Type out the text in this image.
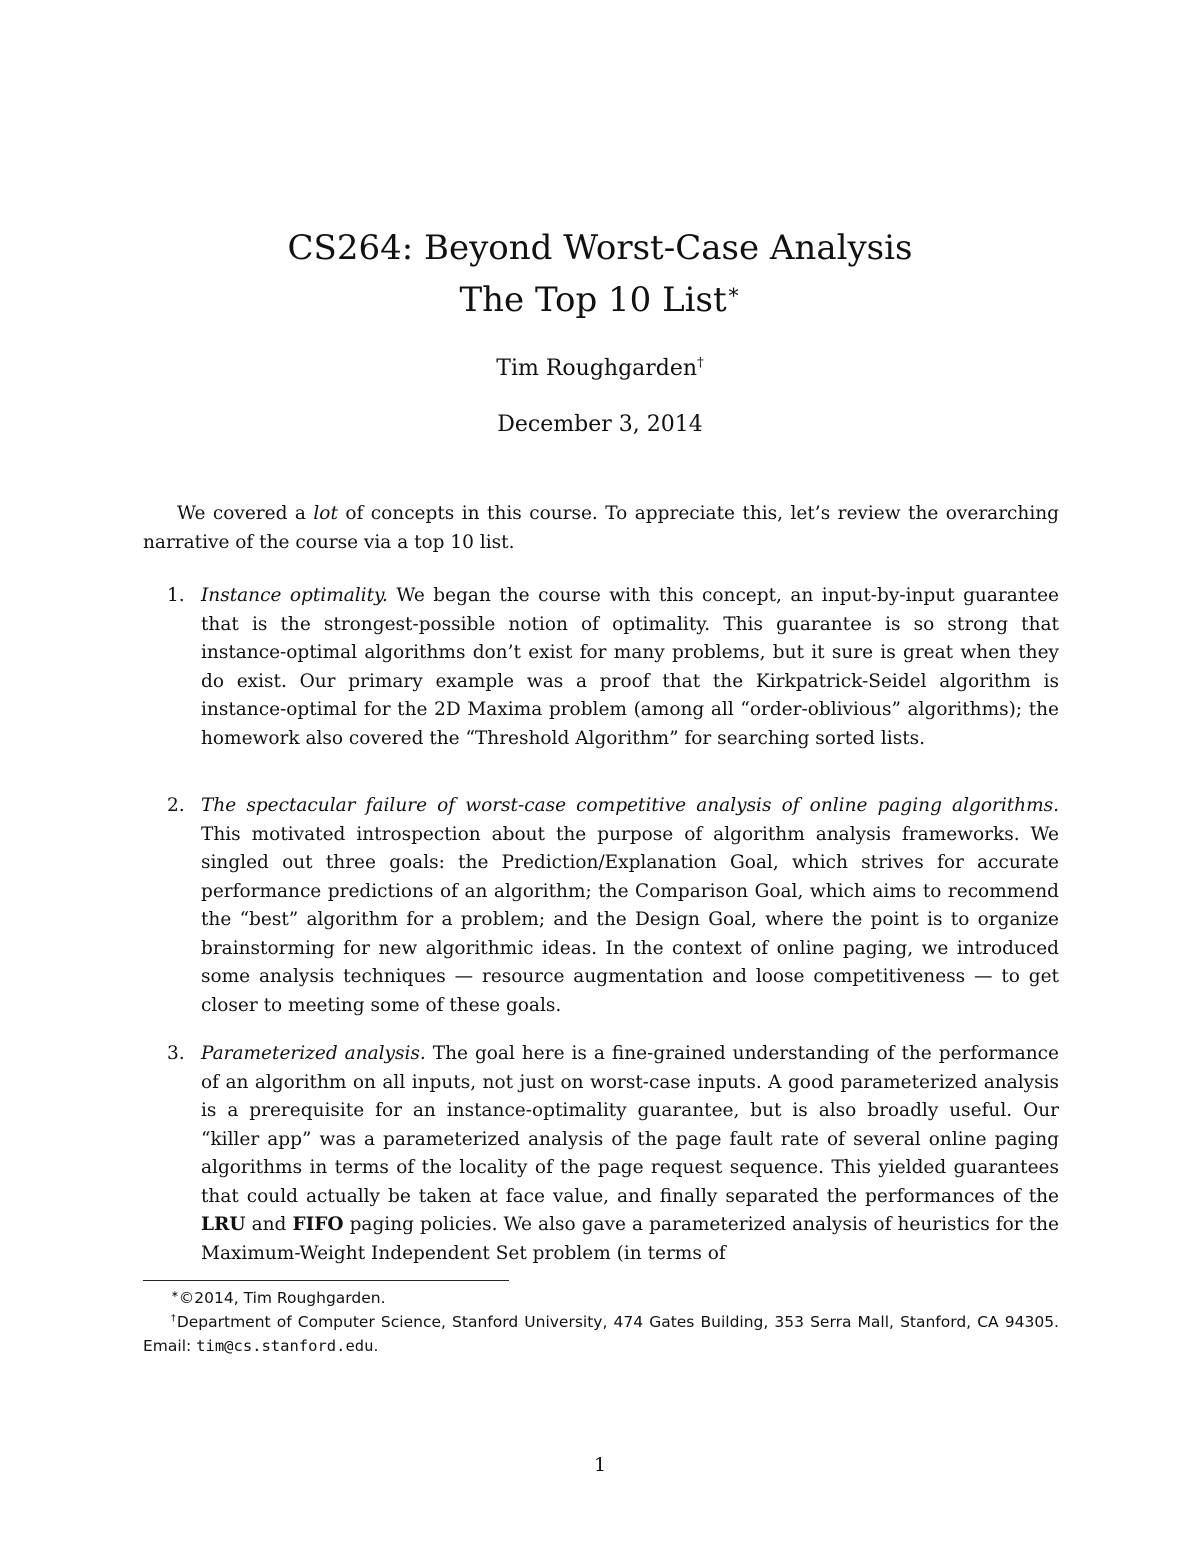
CS264: Beyond Worst-Case Analysis
The Top 10 List∗
Tim Roughgarden†
December 3, 2014
We covered a lot of concepts in this course. To appreciate this, let’s review the overarching narrative of the course via a top 10 list.
1. Instance optimality. We began the course with this concept, an input-by-input guarantee that is the strongest-possible notion of optimality. This guarantee is so strong that instance-optimal algorithms don’t exist for many problems, but it sure is great when they do exist. Our primary example was a proof that the Kirkpatrick-Seidel algorithm is instance-optimal for the 2D Maxima problem (among all “order-oblivious” algorithms); the homework also covered the “Threshold Algorithm” for searching sorted lists.

2. The spectacular failure of worst-case competitive analysis of online paging algorithms. This motivated introspection about the purpose of algorithm analysis frameworks. We singled out three goals: the Prediction/Explanation Goal, which strives for accurate performance predictions of an algorithm; the Comparison Goal, which aims to recommend the “best” algorithm for a problem; and the Design Goal, where the point is to organize brainstorming for new algorithmic ideas. In the context of online paging, we introduced some analysis techniques — resource augmentation and loose competitiveness — to get closer to meeting some of these goals.

3. Parameterized analysis. The goal here is a fine-grained understanding of the performance of an algorithm on all inputs, not just on worst-case inputs. A good parameterized analysis is a prerequisite for an instance-optimality guarantee, but is also broadly useful. Our “killer app” was a parameterized analysis of the page fault rate of several online paging algorithms in terms of the locality of the page request sequence. This yielded guarantees that could actually be taken at face value, and finally separated the performances of the LRU and FIFO paging policies. We also gave a parameterized analysis of heuristics for the Maximum-Weight Independent Set problem (in terms of

∗©2014, Tim Roughgarden.
†Department of Computer Science, Stanford University, 474 Gates Building, 353 Serra Mall, Stanford, CA 94305. Email: tim@cs.stanford.edu.
1
